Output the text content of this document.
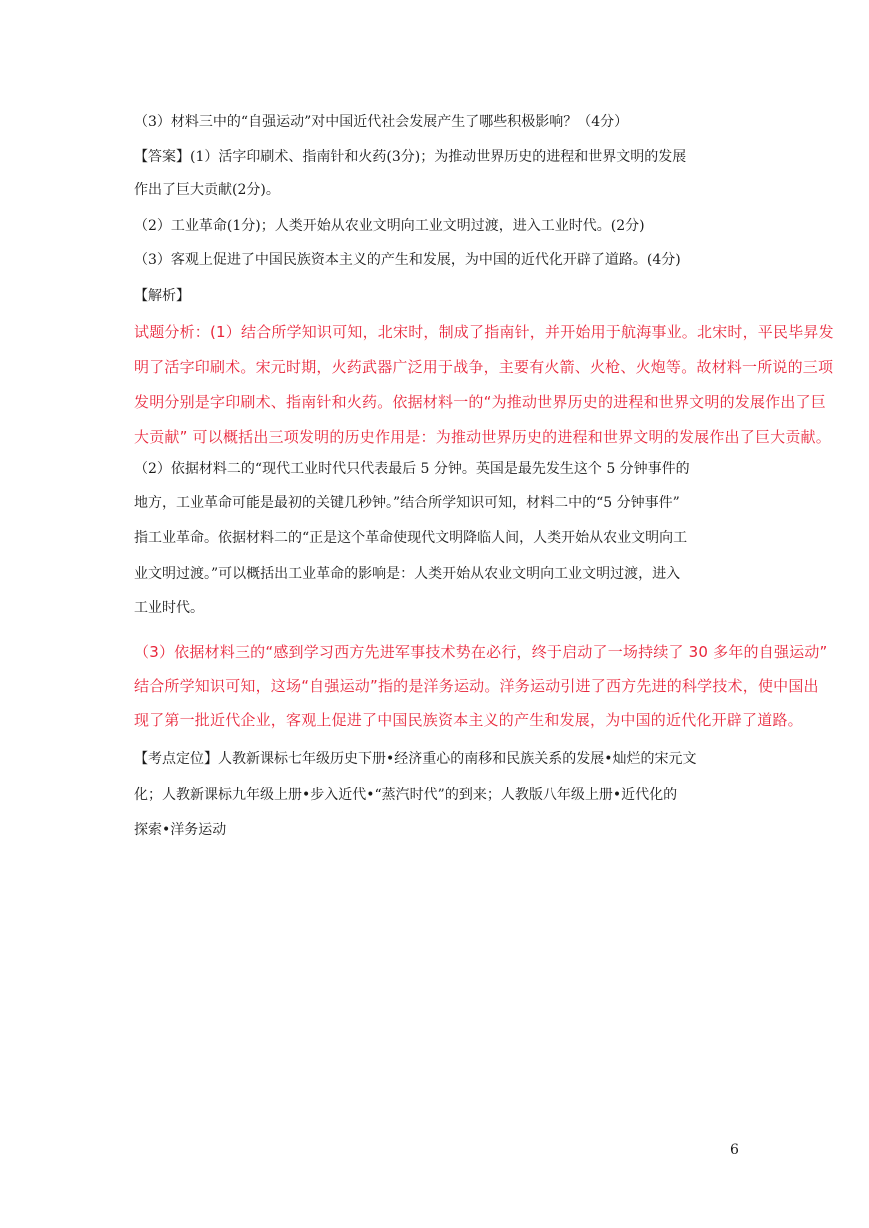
（3）材料三中的“自强运动”对中国近代社会发展产生了哪些积极影响？（4分）
【答案】(1）活字印刷术、指南针和火药(3分)；为推动世界历史的进程和世界文明的发展
作出了巨大贡献(2分)。
（2）工业革命(1分)；人类开始从农业文明向工业文明过渡，进入工业时代。(2分)
（3）客观上促进了中国民族资本主义的产生和发展，为中国的近代化开辟了道路。(4分)
【解析】
试题分析：(1）结合所学知识可知，北宋时，制成了指南针，并开始用于航海事业。北宋时，平民毕昇发
明了活字印刷术。宋元时期，火药武器广泛用于战争，主要有火箭、火枪、火炮等。故材料一所说的三项
发明分别是字印刷术、指南针和火药。依据材料一的“为推动世界历史的进程和世界文明的发展作出了巨
大贡献” 可以概括出三项发明的历史作用是：为推动世界历史的进程和世界文明的发展作出了巨大贡献。
（2）依据材料二的“现代工业时代只代表最后 5 分钟。英国是最先发生这个 5 分钟事件的
地方，工业革命可能是最初的关键几秒钟。”结合所学知识可知，材料二中的“5 分钟事件”
指工业革命。依据材料二的“正是这个革命使现代文明降临人间，人类开始从农业文明向工
业文明过渡。”可以概括出工业革命的影响是：人类开始从农业文明向工业文明过渡，进入
工业时代。
（3）依据材料三的“感到学习西方先进军事技术势在必行，终于启动了一场持续了 30 多年的自强运动”
结合所学知识可知，这场“自强运动”指的是洋务运动。洋务运动引进了西方先进的科学技术，使中国出
现了第一批近代企业，客观上促进了中国民族资本主义的产生和发展，为中国的近代化开辟了道路。
【考点定位】人教新课标七年级历史下册•经济重心的南移和民族关系的发展•灿烂的宋元文
化；人教新课标九年级上册•步入近代•“蒸汽时代”的到来；人教版八年级上册•近代化的
探索•洋务运动
6
